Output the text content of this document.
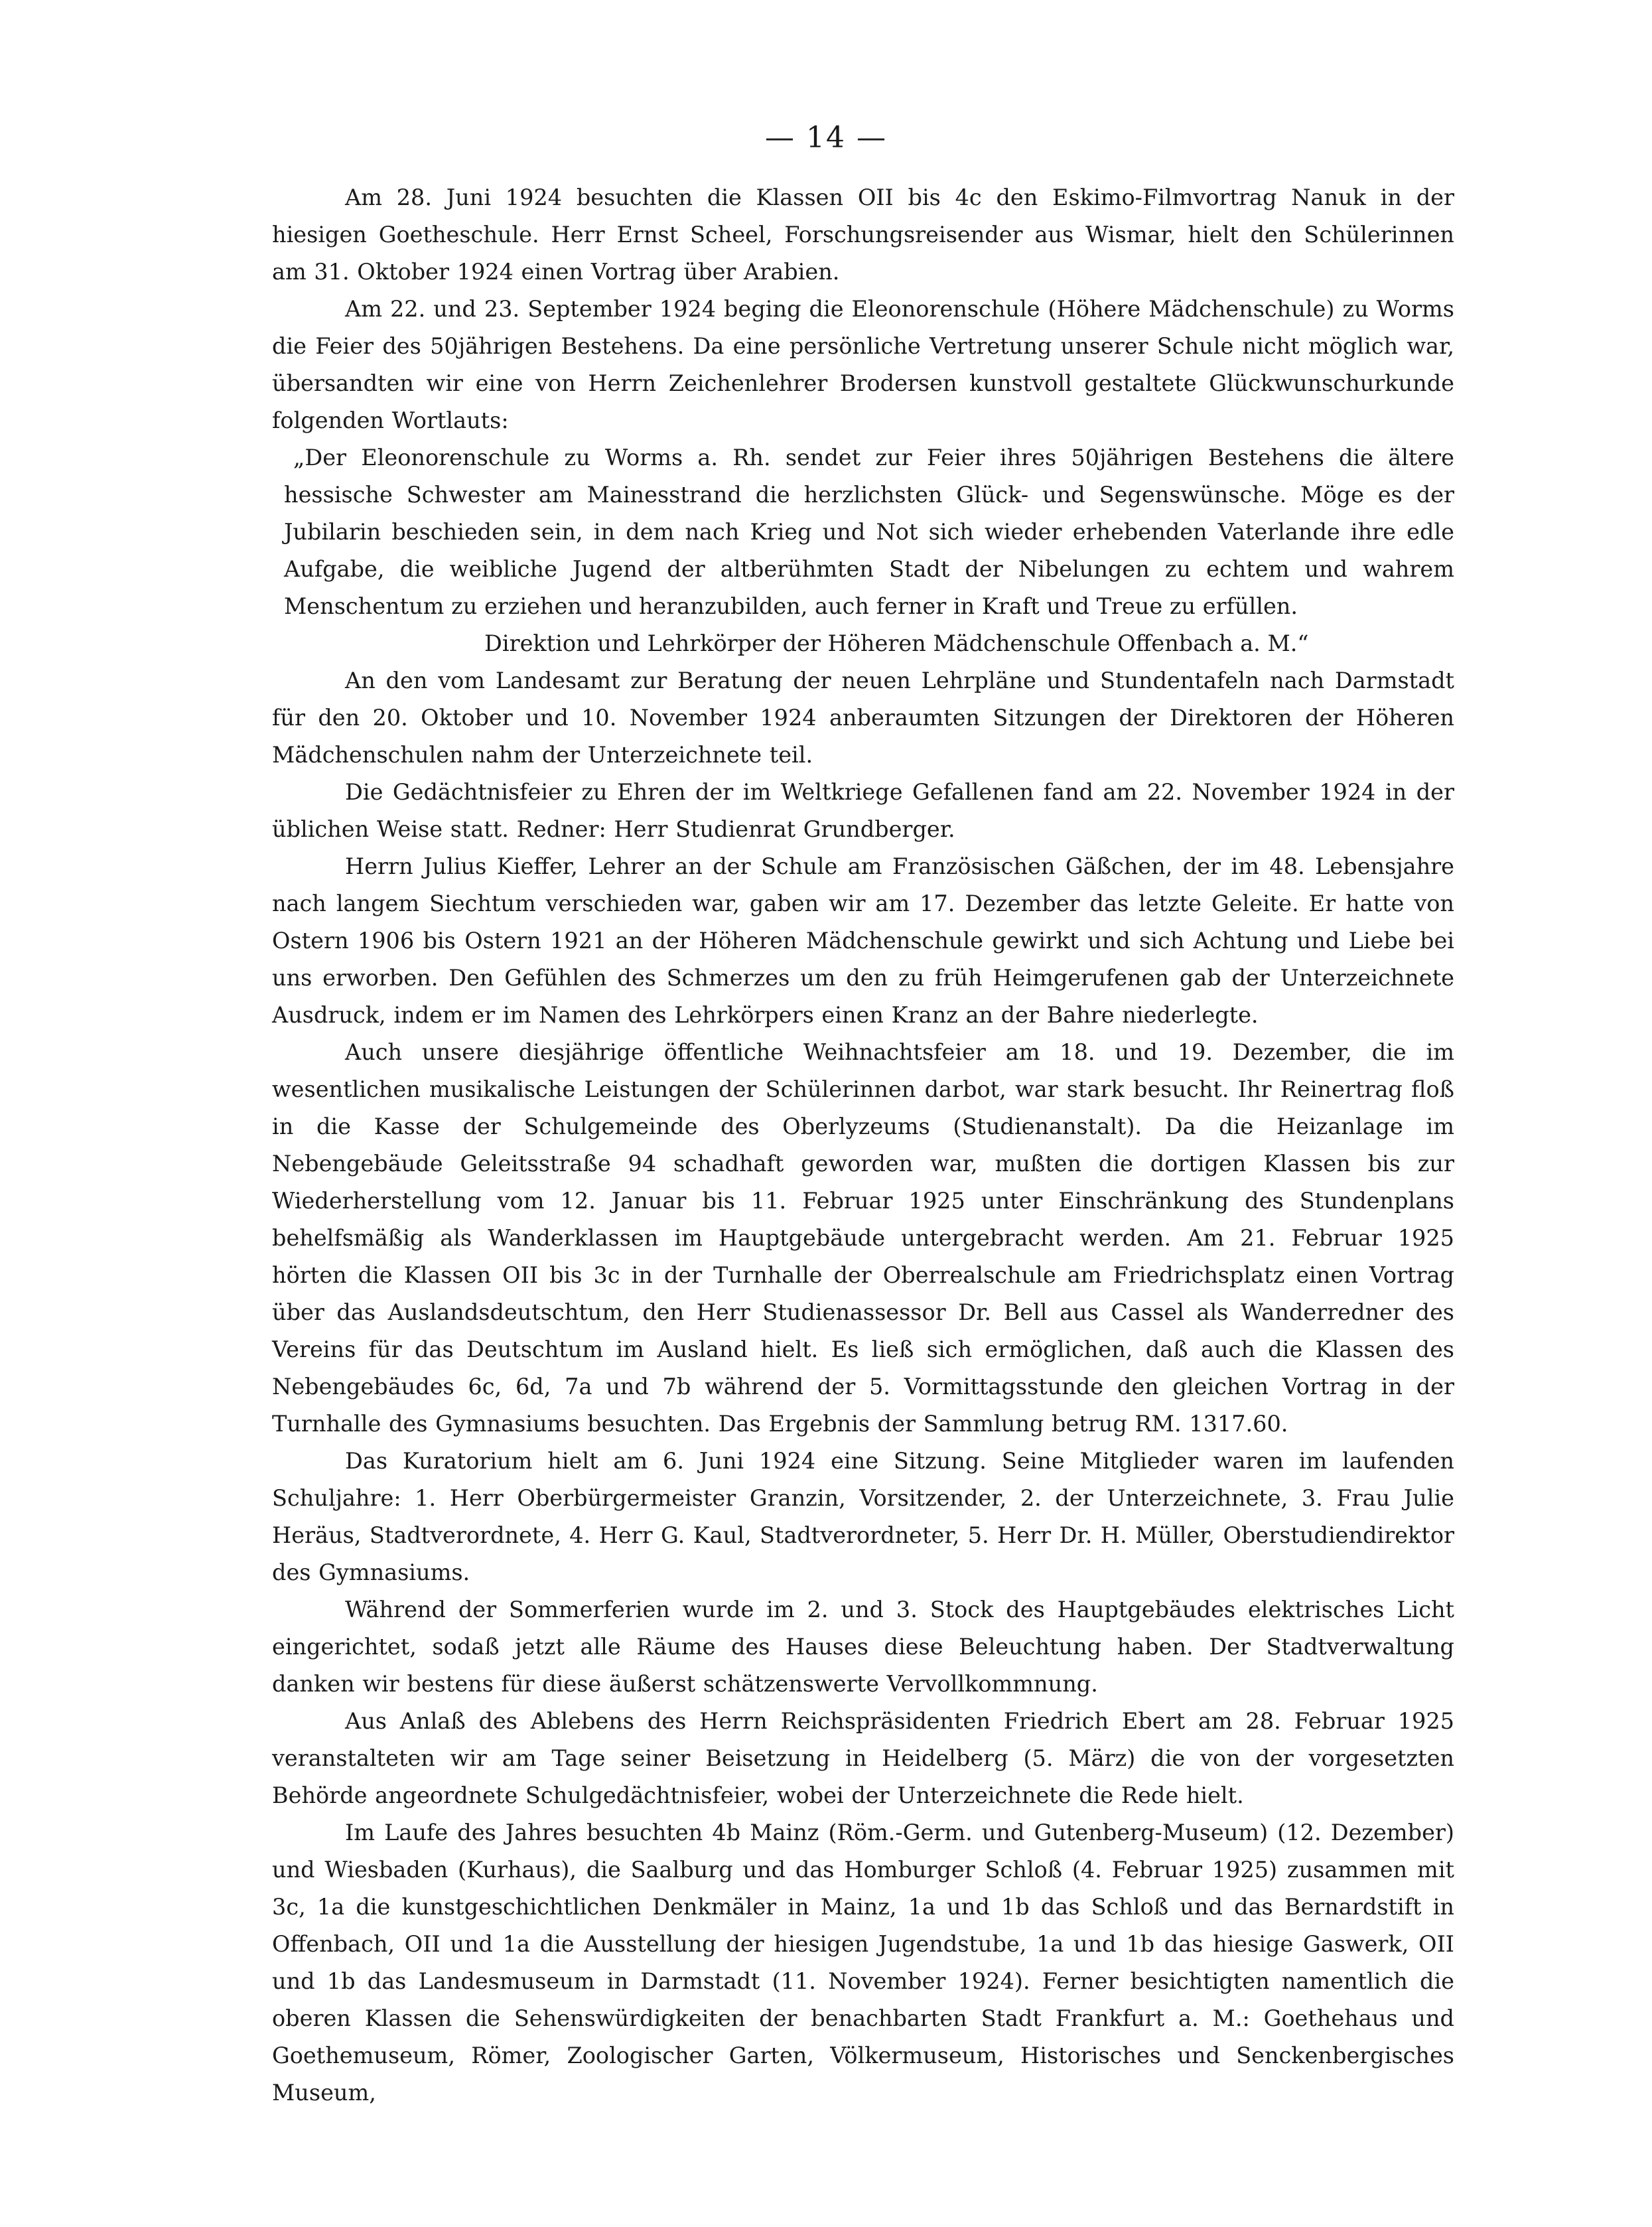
— 14 —

Am 28. Juni 1924 besuchten die Klassen OII bis 4c den Eskimo-Filmvortrag Nanuk in der hiesigen Goetheschule. Herr Ernst Scheel, Forschungsreisender aus Wismar, hielt den Schülerinnen am 31. Oktober 1924 einen Vortrag über Arabien.

Am 22. und 23. September 1924 beging die Eleonorenschule (Höhere Mädchenschule) zu Worms die Feier des 50jährigen Bestehens. Da eine persönliche Vertretung unserer Schule nicht möglich war, übersandten wir eine von Herrn Zeichenlehrer Brodersen kunstvoll gestaltete Glückwunschurkunde folgenden Wortlauts:

„Der Eleonorenschule zu Worms a. Rh. sendet zur Feier ihres 50jährigen Bestehens die ältere hessische Schwester am Mainesstrand die herzlichsten Glück- und Segenswünsche. Möge es der Jubilarin beschieden sein, in dem nach Krieg und Not sich wieder erhebenden Vaterlande ihre edle Aufgabe, die weibliche Jugend der altberühmten Stadt der Nibelungen zu echtem und wahrem Menschentum zu erziehen und heranzubilden, auch ferner in Kraft und Treue zu erfüllen.

Direktion und Lehrkörper der Höheren Mädchenschule Offenbach a. M.“

An den vom Landesamt zur Beratung der neuen Lehrpläne und Stundentafeln nach Darmstadt für den 20. Oktober und 10. November 1924 anberaumten Sitzungen der Direktoren der Höheren Mädchenschulen nahm der Unterzeichnete teil.

Die Gedächtnisfeier zu Ehren der im Weltkriege Gefallenen fand am 22. November 1924 in der üblichen Weise statt. Redner: Herr Studienrat Grundberger.

Herrn Julius Kieffer, Lehrer an der Schule am Französischen Gäßchen, der im 48. Lebensjahre nach langem Siechtum verschieden war, gaben wir am 17. Dezember das letzte Geleite. Er hatte von Ostern 1906 bis Ostern 1921 an der Höheren Mädchenschule gewirkt und sich Achtung und Liebe bei uns erworben. Den Gefühlen des Schmerzes um den zu früh Heimgerufenen gab der Unterzeichnete Ausdruck, indem er im Namen des Lehrkörpers einen Kranz an der Bahre niederlegte.

Auch unsere diesjährige öffentliche Weihnachtsfeier am 18. und 19. Dezember, die im wesentlichen musikalische Leistungen der Schülerinnen darbot, war stark besucht. Ihr Reinertrag floß in die Kasse der Schulgemeinde des Oberlyzeums (Studienanstalt). Da die Heizanlage im Nebengebäude Geleitsstraße 94 schadhaft geworden war, mußten die dortigen Klassen bis zur Wiederherstellung vom 12. Januar bis 11. Februar 1925 unter Einschränkung des Stundenplans behelfsmäßig als Wanderklassen im Hauptgebäude untergebracht werden. Am 21. Februar 1925 hörten die Klassen OII bis 3c in der Turnhalle der Oberrealschule am Friedrichsplatz einen Vortrag über das Auslandsdeutschtum, den Herr Studienassessor Dr. Bell aus Cassel als Wanderredner des Vereins für das Deutschtum im Ausland hielt. Es ließ sich ermöglichen, daß auch die Klassen des Nebengebäudes 6c, 6d, 7a und 7b während der 5. Vormittagsstunde den gleichen Vortrag in der Turnhalle des Gymnasiums besuchten. Das Ergebnis der Sammlung betrug RM. 1317.60.

Das Kuratorium hielt am 6. Juni 1924 eine Sitzung. Seine Mitglieder waren im laufenden Schuljahre: 1. Herr Oberbürgermeister Granzin, Vorsitzender, 2. der Unterzeichnete, 3. Frau Julie Heräus, Stadtverordnete, 4. Herr G. Kaul, Stadtverordneter, 5. Herr Dr. H. Müller, Oberstudiendirektor des Gymnasiums.

Während der Sommerferien wurde im 2. und 3. Stock des Hauptgebäudes elektrisches Licht eingerichtet, sodaß jetzt alle Räume des Hauses diese Beleuchtung haben. Der Stadtverwaltung danken wir bestens für diese äußerst schätzenswerte Vervollkommnung.

Aus Anlaß des Ablebens des Herrn Reichspräsidenten Friedrich Ebert am 28. Februar 1925 veranstalteten wir am Tage seiner Beisetzung in Heidelberg (5. März) die von der vorgesetzten Behörde angeordnete Schulgedächtnisfeier, wobei der Unterzeichnete die Rede hielt.

Im Laufe des Jahres besuchten 4b Mainz (Röm.-Germ. und Gutenberg-Museum) (12. Dezember) und Wiesbaden (Kurhaus), die Saalburg und das Homburger Schloß (4. Februar 1925) zusammen mit 3c, 1a die kunstgeschichtlichen Denkmäler in Mainz, 1a und 1b das Schloß und das Bernardstift in Offenbach, OII und 1a die Ausstellung der hiesigen Jugendstube, 1a und 1b das hiesige Gaswerk, OII und 1b das Landesmuseum in Darmstadt (11. November 1924). Ferner besichtigten namentlich die oberen Klassen die Sehenswürdigkeiten der benachbarten Stadt Frankfurt a. M.: Goethehaus und Goethemuseum, Römer, Zoologischer Garten, Völkermuseum, Historisches und Senckenbergisches Museum,
